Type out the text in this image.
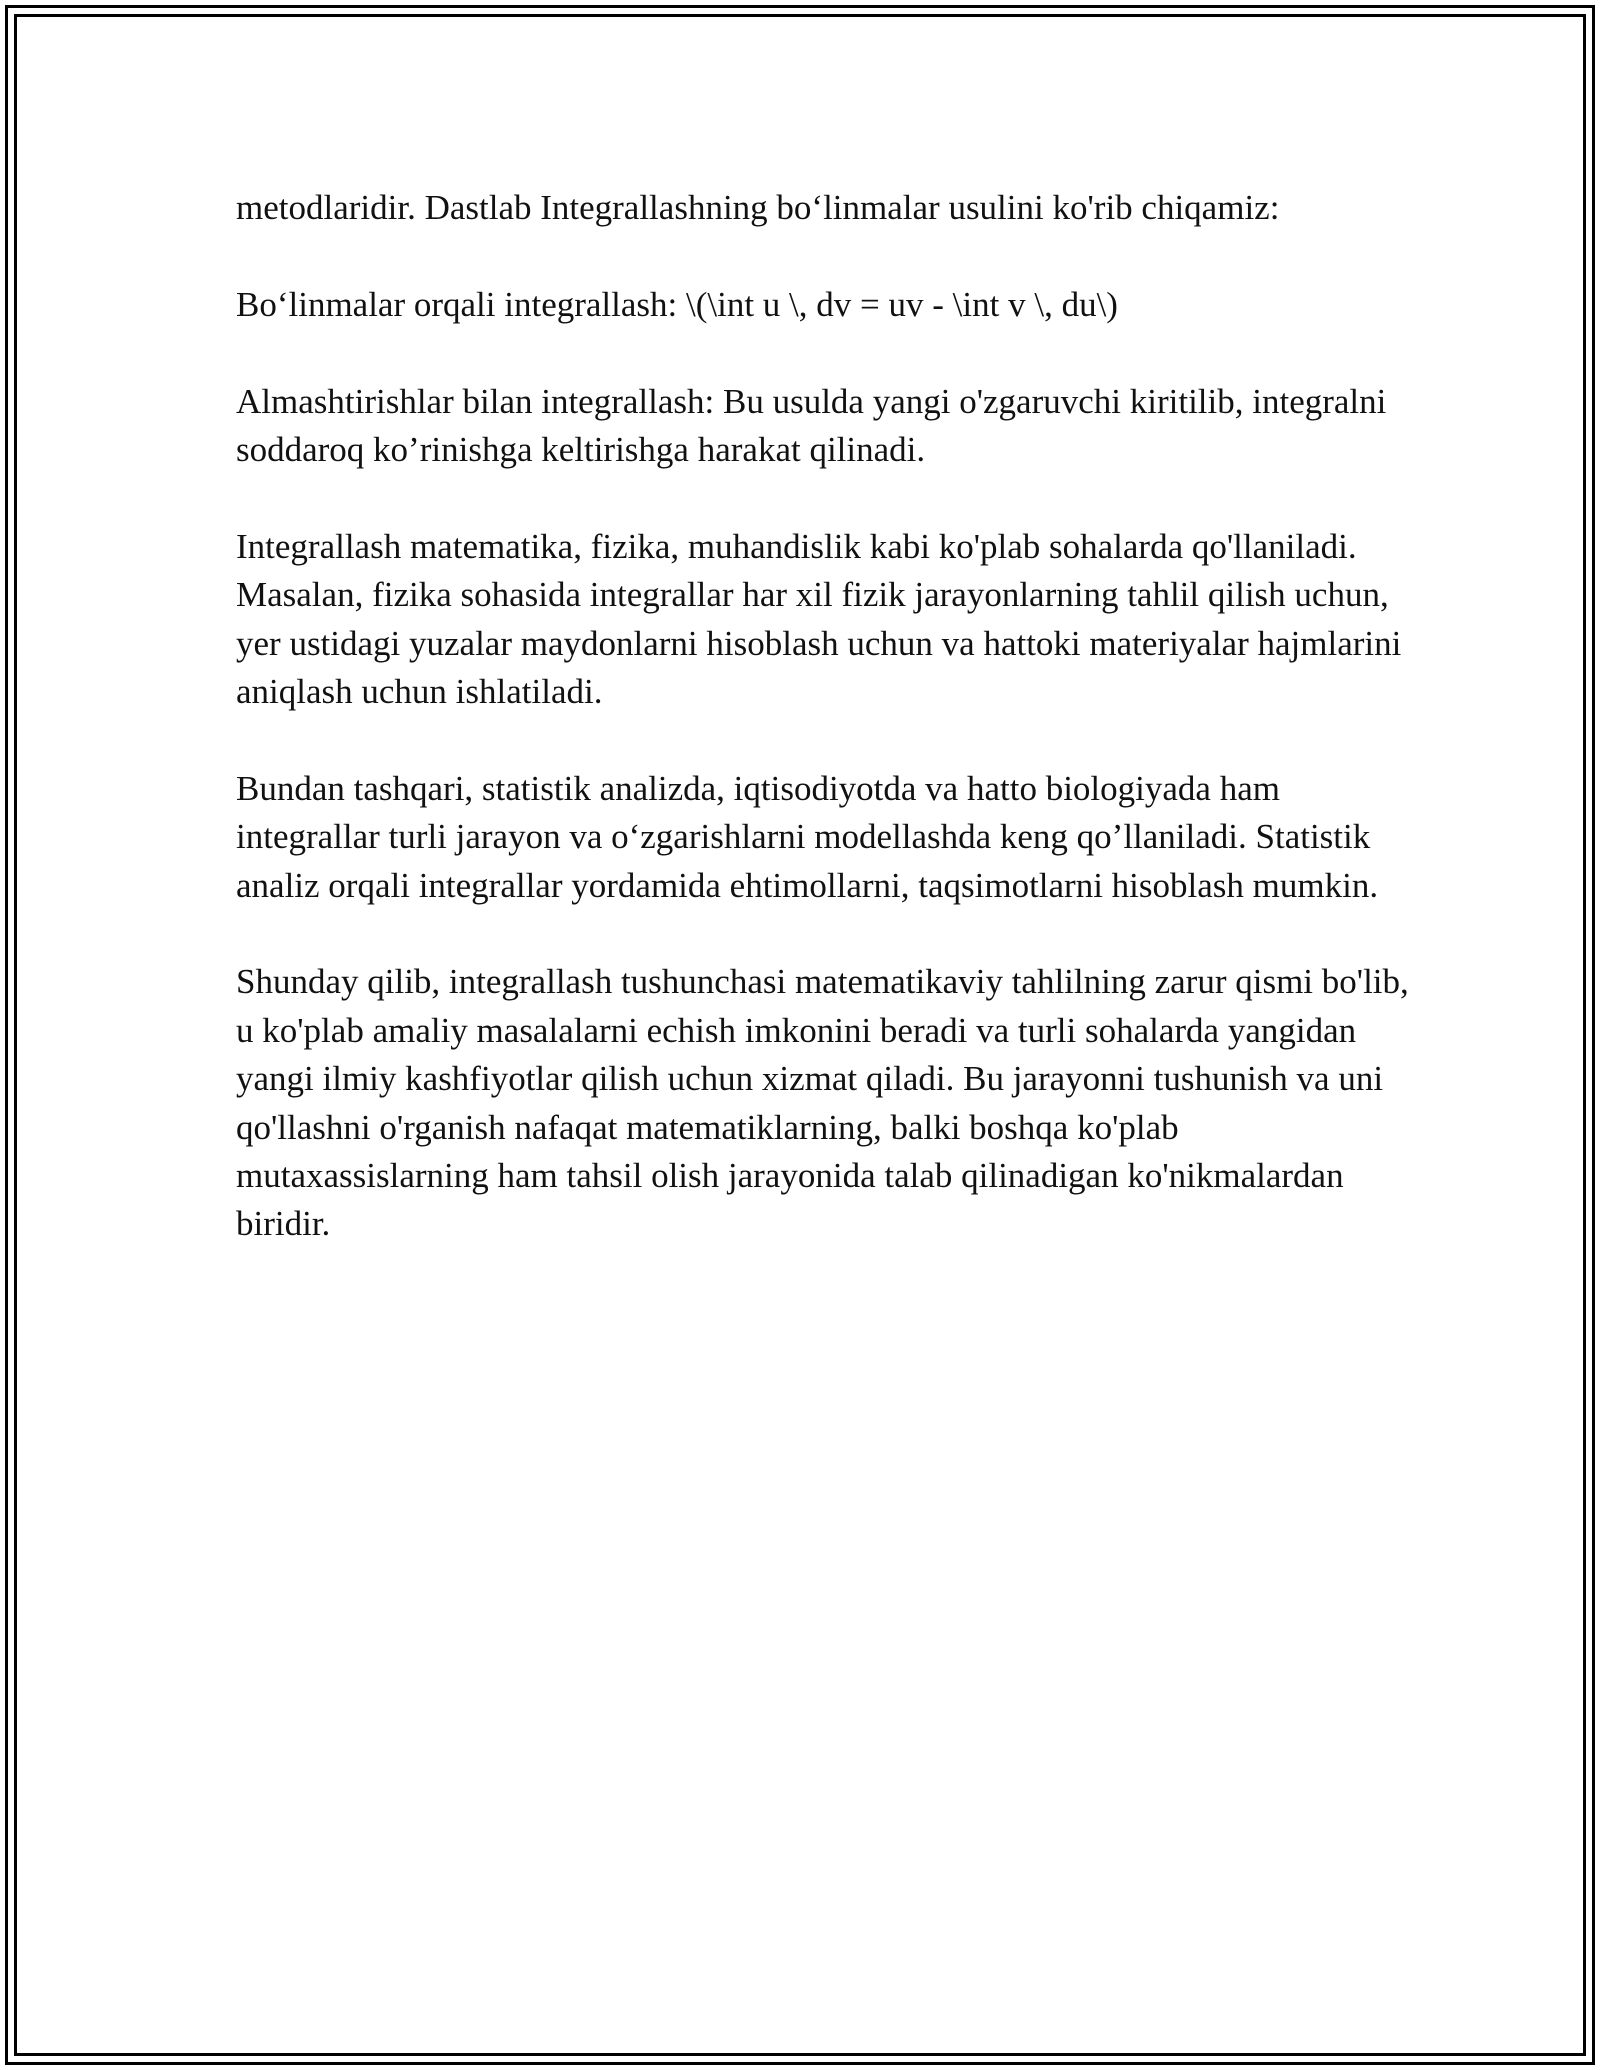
metodlaridir. Dastlab Integrallashning bo‘linmalar usulini ko'rib chiqamiz:

Bo‘linmalar orqali integrallash: \(\int u \, dv = uv - \int v \, du\)

Almashtirishlar bilan integrallash: Bu usulda yangi o'zgaruvchi kiritilib, integralni soddaroq ko’rinishga keltirishga harakat qilinadi.

Integrallash matematika, fizika, muhandislik kabi ko'plab sohalarda qo'llaniladi. Masalan, fizika sohasida integrallar har xil fizik jarayonlarning tahlil qilish uchun, yer ustidagi yuzalar maydonlarni hisoblash uchun va hattoki materiyalar hajmlarini aniqlash uchun ishlatiladi.

Bundan tashqari, statistik analizda, iqtisodiyotda va hatto biologiyada ham integrallar turli jarayon va o‘zgarishlarni modellashda keng qo’llaniladi. Statistik analiz orqali integrallar yordamida ehtimollarni, taqsimotlarni hisoblash mumkin.

Shunday qilib, integrallash tushunchasi matematikaviy tahlilning zarur qismi bo'lib, u ko'plab amaliy masalalarni echish imkonini beradi va turli sohalarda yangidan yangi ilmiy kashfiyotlar qilish uchun xizmat qiladi. Bu jarayonni tushunish va uni qo'llashni o'rganish nafaqat matematiklarning, balki boshqa ko'plab mutaxassislarning ham tahsil olish jarayonida talab qilinadigan ko'nikmalardan biridir.
